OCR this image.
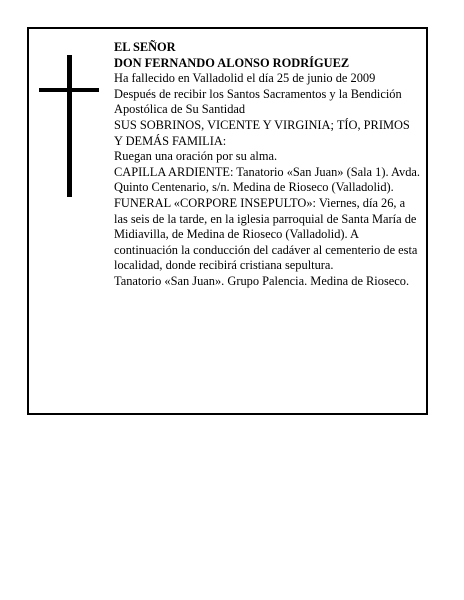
EL SEÑOR

DON FERNANDO ALONSO RODRÍGUEZ

Ha fallecido en Valladolid el día 25 de junio de 2009

Después de recibir los Santos Sacramentos y la Bendición Apostólica de Su Santidad

SUS SOBRINOS, VICENTE Y VIRGINIA; TÍO, PRIMOS Y DEMÁS FAMILIA:

Ruegan una oración por su alma.

CAPILLA ARDIENTE: Tanatorio «San Juan» (Sala 1). Avda. Quinto Centenario, s/n. Medina de Rioseco (Valladolid).

FUNERAL «CORPORE INSEPULTO»: Viernes, día 26, a las seis de la tarde, en la iglesia parroquial de Santa María de Midiavilla, de Medina de Rioseco (Valladolid). A continuación la conducción del cadáver al cementerio de esta localidad, donde recibirá cristiana sepultura.

Tanatorio «San Juan». Grupo Palencia. Medina de Rioseco.
